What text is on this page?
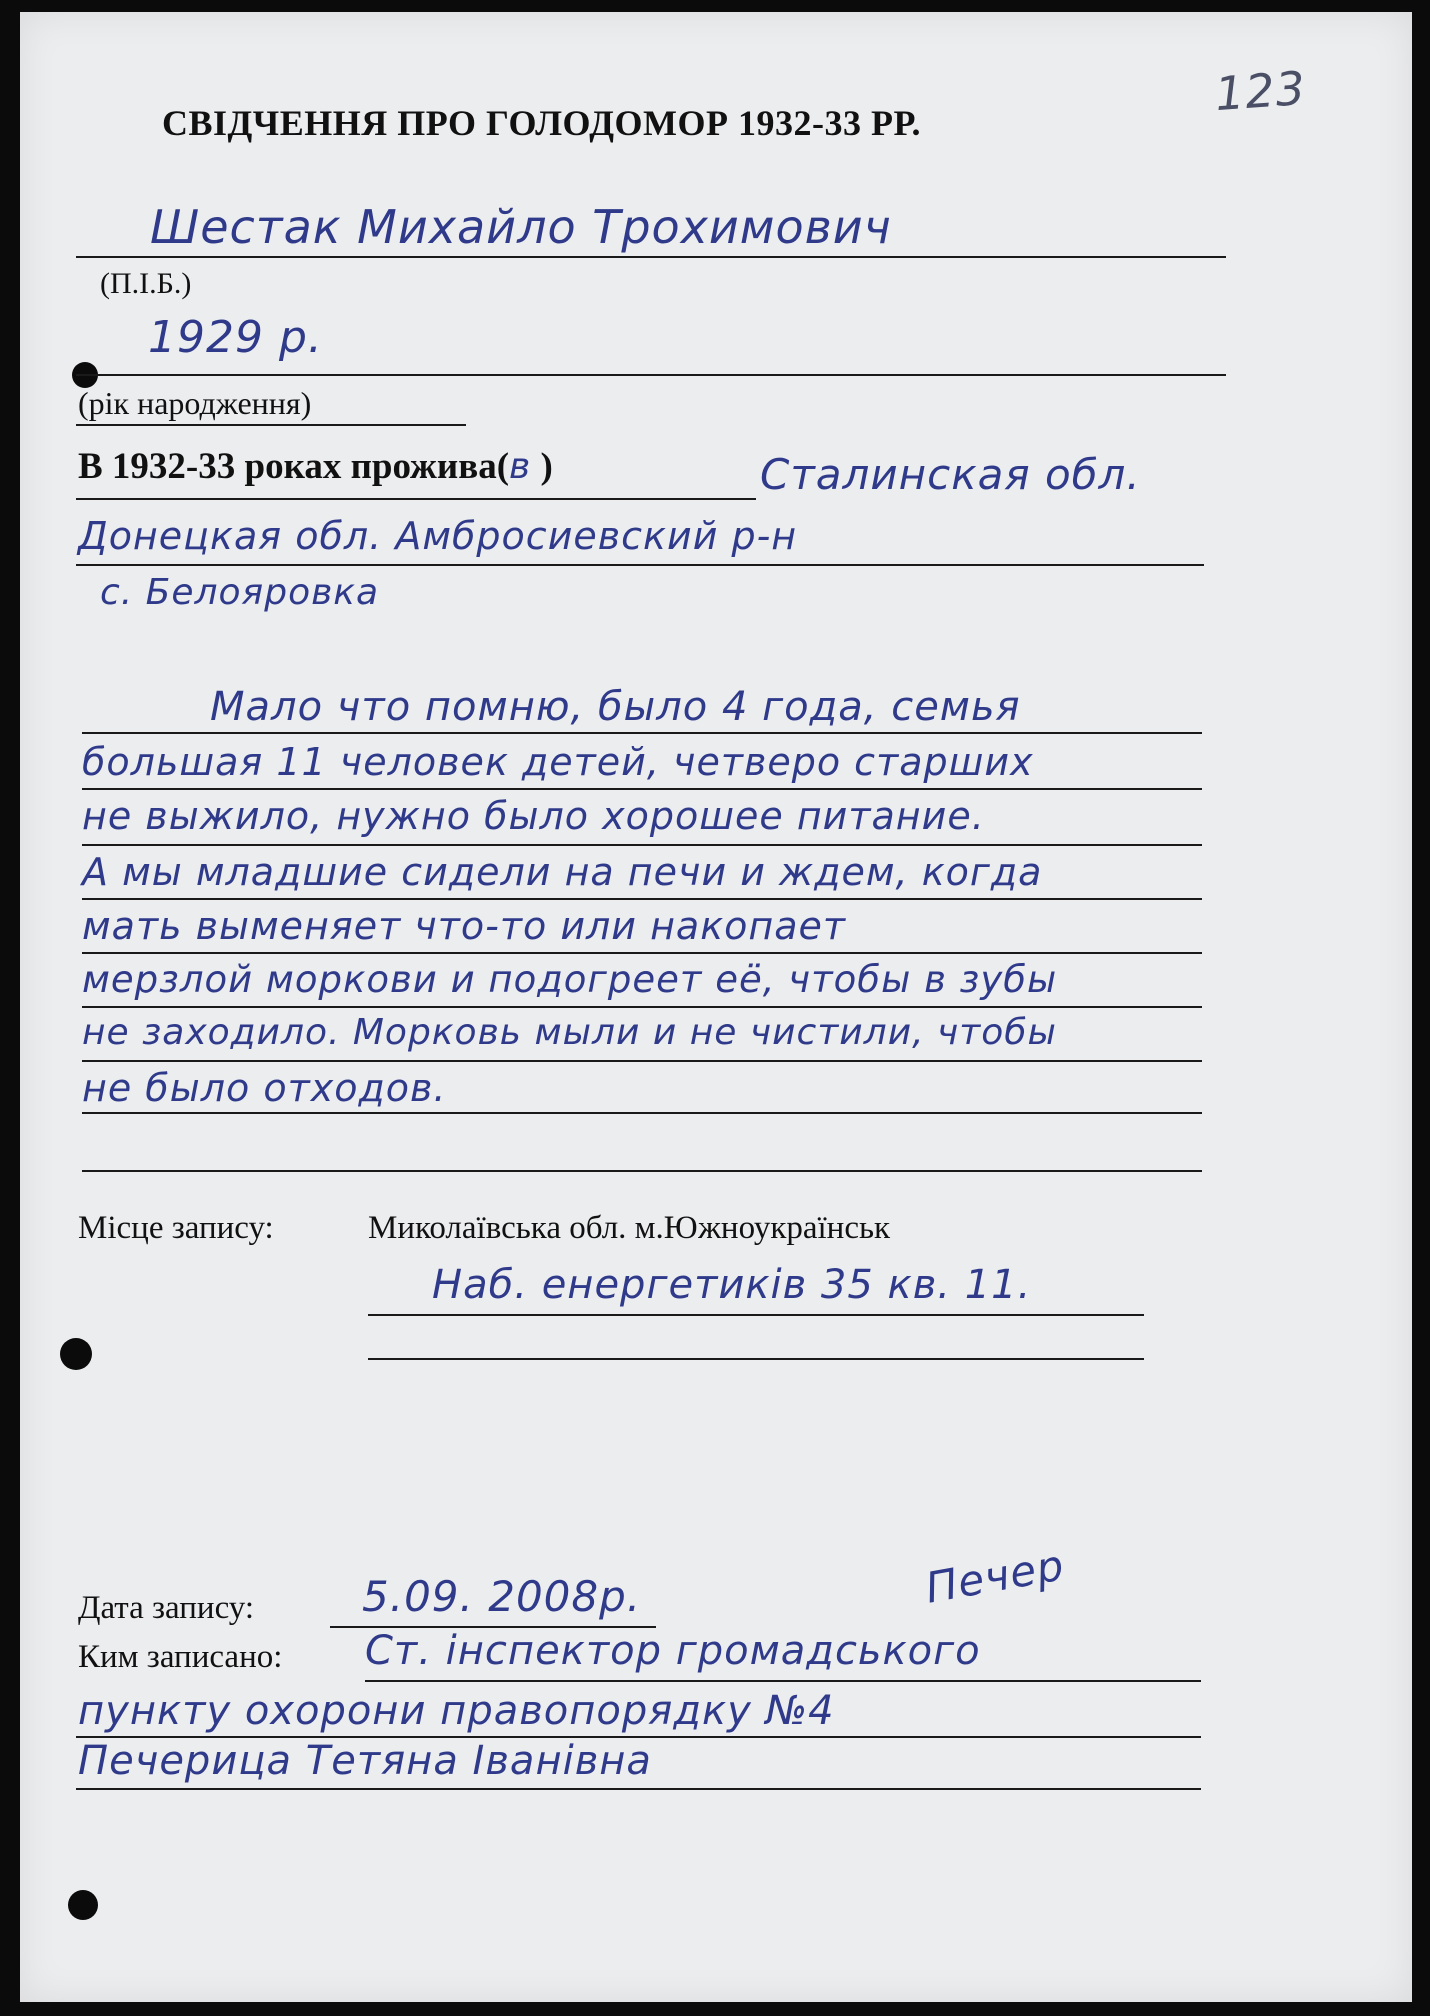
123
СВІДЧЕННЯ ПРО ГОЛОДОМОР 1932-33 РР.
Шестак Михайло Трохимович
(П.І.Б.)
1929 р.
(рік народження)
В 1932-33 роках прожива(в )	Сталинская обл.
Донецкая обл. Амбросиевский р-н
с. Белояровка
Мало что помню, было 4 года, семья
большая 11 человек детей, четверо старших
не выжило, нужно было хорошее питание.
А мы младшие сидели на печи и ждем, когда
мать выменяет что-то или накопает
мерзлой моркови и подогреет её, чтобы в зубы
не заходило. Морковь мыли и не чистили, чтобы
не было отходов.
Місце запису:	Миколаївська обл. м.Южноукраїнськ
Наб. енергетиків 35 кв. 11.
Дата запису:	5.09. 2008р.	Печер
Ким записано: Ст. інспектор громадського
пункту охорони правопорядку №4
Печерица Тетяна Іванівна
